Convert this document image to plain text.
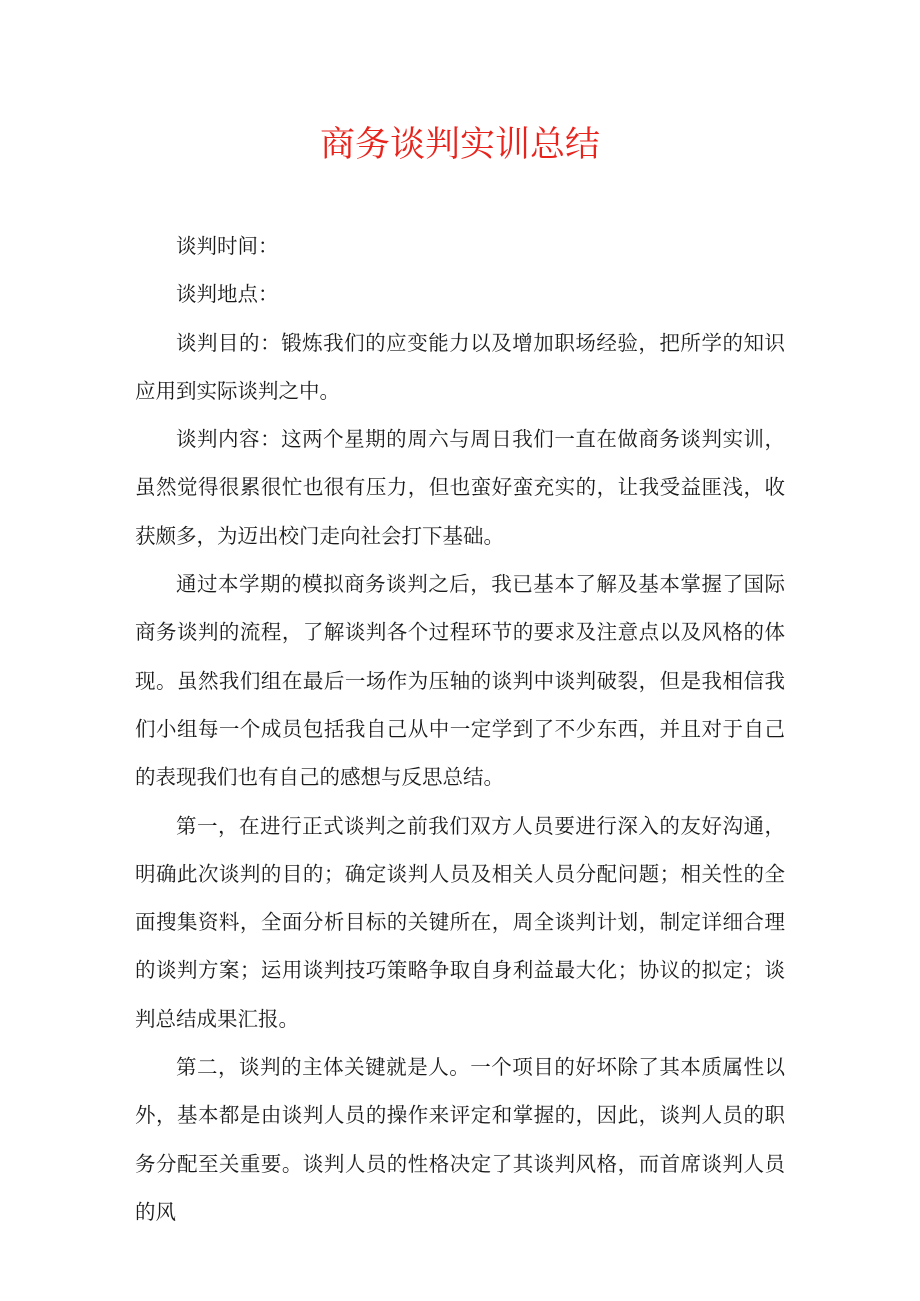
商务谈判实训总结

谈判时间：

谈判地点：

谈判目的：锻炼我们的应变能力以及增加职场经验，把所学的知识应用到实际谈判之中。

谈判内容：这两个星期的周六与周日我们一直在做商务谈判实训，虽然觉得很累很忙也很有压力，但也蛮好蛮充实的，让我受益匪浅，收获颇多，为迈出校门走向社会打下基础。

通过本学期的模拟商务谈判之后，我已基本了解及基本掌握了国际商务谈判的流程，了解谈判各个过程环节的要求及注意点以及风格的体现。虽然我们组在最后一场作为压轴的谈判中谈判破裂，但是我相信我们小组每一个成员包括我自己从中一定学到了不少东西，并且对于自己的表现我们也有自己的感想与反思总结。

第一，在进行正式谈判之前我们双方人员要进行深入的友好沟通，明确此次谈判的目的；确定谈判人员及相关人员分配问题；相关性的全面搜集资料，全面分析目标的关键所在，周全谈判计划，制定详细合理的谈判方案；运用谈判技巧策略争取自身利益最大化；协议的拟定；谈判总结成果汇报。

第二，谈判的主体关键就是人。一个项目的好坏除了其本质属性以外，基本都是由谈判人员的操作来评定和掌握的，因此，谈判人员的职务分配至关重要。谈判人员的性格决定了其谈判风格，而首席谈判人员的风
